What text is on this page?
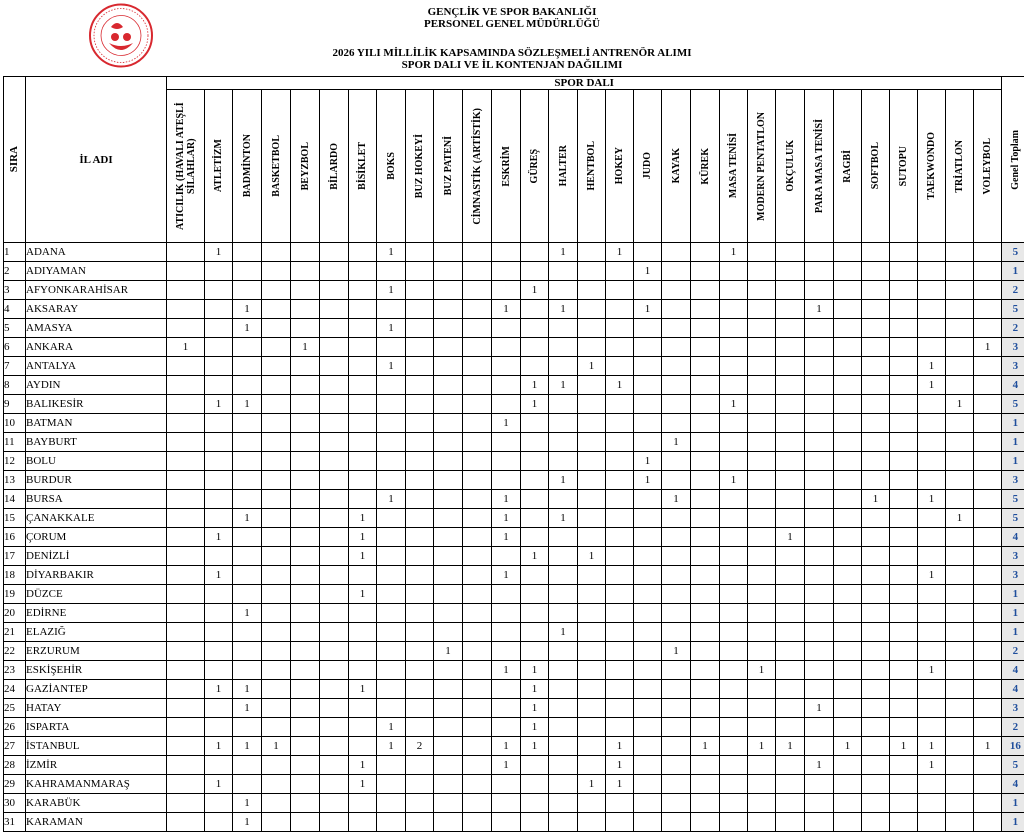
GENÇLİK VE SPOR BAKANLIĞI
PERSONEL GENEL MÜDÜRLÜĞÜ
2026 YILI MİLLİLİK KAPSAMINDA SÖZLEŞMELİ ANTRENÖR ALIMI
SPOR DALI VE İL KONTENJAN DAĞILIMI
SIRA	İL ADI	SPOR DALI																													Genel Toplam

		ATICILIK (HAVALI ATEŞLİ SİLAHLAR)	ATLETİZM	BADMİNTON	BASKETBOL	BEYZBOL	BİLARDO	BİSİKLET	BOKS	BUZ HOKEYİ	BUZ PATENİ	CİMNASTİK (ARTİSTİK)	ESKRİM	GÜREŞ	HALTER	HENTBOL	HOKEY	JUDO	KAYAK	KÜREK	MASA TENİSİ	MODERN PENTATLON	OKÇULUK	PARA MASA TENİSİ	RAGBİ	SOFTBOL	SUTOPU	TAEKWONDO	TRİATLON	VOLEYBOL	

1	ADANA		1						1						1		1				1										5
2	ADIYAMAN																	1													1
3	AFYONKARAHİSAR								1					1																	2
4	AKSARAY			1									1		1			1						1							5
5	AMASYA			1					1																						2
6	ANKARA	1				1																								1	3
7	ANTALYA								1							1												1			3
8	AYDIN													1	1		1											1			4
9	BALIKESİR		1	1										1							1								1		5
10	BATMAN												1																		1
11	BAYBURT																		1												1
12	BOLU																	1													1
13	BURDUR														1			1			1										3
14	BURSA								1				1						1							1		1			5
15	ÇANAKKALE			1				1					1		1														1		5
16	ÇORUM		1					1					1										1								4
17	DENİZLİ							1						1		1															3
18	DİYARBAKIR		1										1															1			3
19	DÜZCE							1																							1
20	EDİRNE			1																											1
21	ELAZIĞ														1																1
22	ERZURUM										1								1												2
23	ESKİŞEHİR												1	1								1						1			4
24	GAZİANTEP		1	1				1						1																	4
25	HATAY			1										1										1							3
26	ISPARTA								1					1																	2
27	İSTANBUL		1	1	1				1	2			1	1			1			1		1	1		1		1	1		1	16
28	İZMİR							1					1				1							1				1			5
29	KAHRAMANMARAŞ		1					1								1	1														4
30	KARABÜK			1																											1
31	KARAMAN			1																											1
